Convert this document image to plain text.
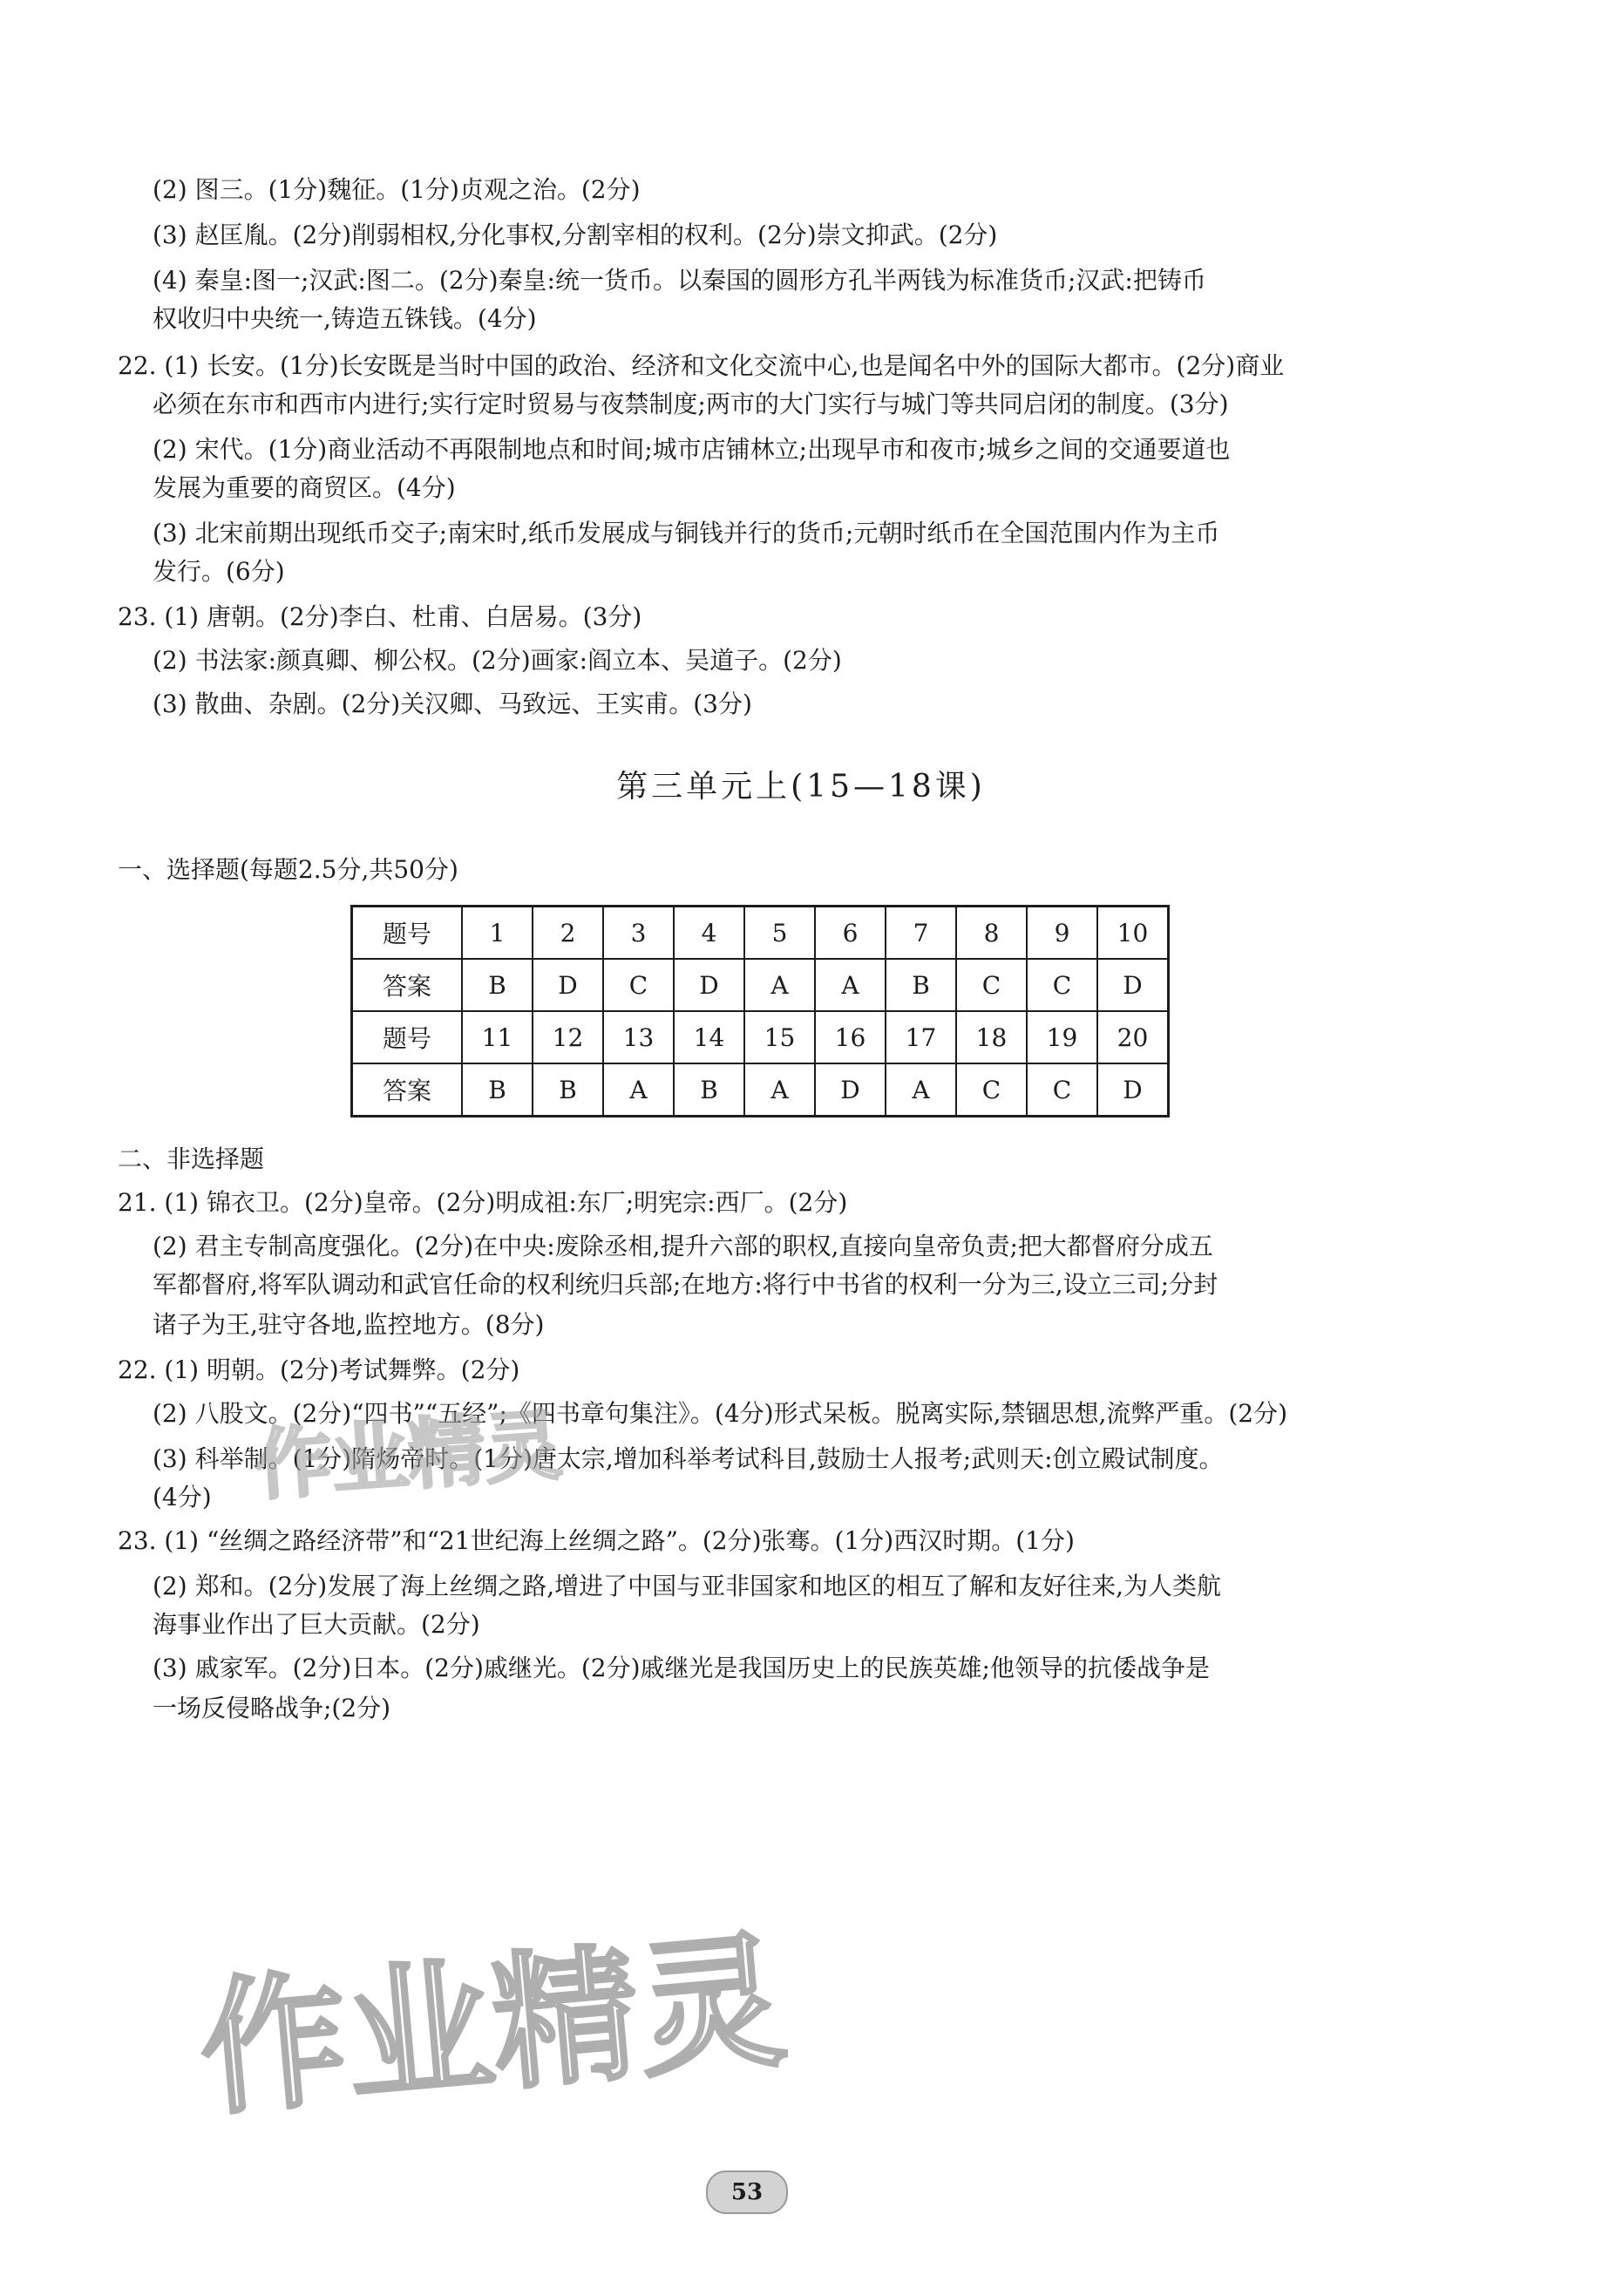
(2) 图三。(1分)魏征。(1分)贞观之治。(2分)
(3) 赵匡胤。(2分)削弱相权,分化事权,分割宰相的权利。(2分)崇文抑武。(2分)
(4) 秦皇:图一;汉武:图二。(2分)秦皇:统一货币。以秦国的圆形方孔半两钱为标准货币;汉武:把铸币
权收归中央统一,铸造五铢钱。(4分)
22. (1) 长安。(1分)长安既是当时中国的政治、经济和文化交流中心,也是闻名中外的国际大都市。(2分)商业
必须在东市和西市内进行;实行定时贸易与夜禁制度;两市的大门实行与城门等共同启闭的制度。(3分)
(2) 宋代。(1分)商业活动不再限制地点和时间;城市店铺林立;出现早市和夜市;城乡之间的交通要道也
发展为重要的商贸区。(4分)
(3) 北宋前期出现纸币交子;南宋时,纸币发展成与铜钱并行的货币;元朝时纸币在全国范围内作为主币
发行。(6分)
23. (1) 唐朝。(2分)李白、杜甫、白居易。(3分)
(2) 书法家:颜真卿、柳公权。(2分)画家:阎立本、吴道子。(2分)
(3) 散曲、杂剧。(2分)关汉卿、马致远、王实甫。(3分)
第三单元上(15—18课)
一、选择题(每题2.5分,共50分)
题号	1	2	3	4	5	6	7	8	9	10
答案	B	D	C	D	A	A	B	C	C	D
题号	11	12	13	14	15	16	17	18	19	20
答案	B	B	A	B	A	D	A	C	C	D
二、非选择题
21. (1) 锦衣卫。(2分)皇帝。(2分)明成祖:东厂;明宪宗:西厂。(2分)
(2) 君主专制高度强化。(2分)在中央:废除丞相,提升六部的职权,直接向皇帝负责;把大都督府分成五
军都督府,将军队调动和武官任命的权利统归兵部;在地方:将行中书省的权利一分为三,设立三司;分封
诸子为王,驻守各地,监控地方。(8分)
22. (1) 明朝。(2分)考试舞弊。(2分)
(2) 八股文。(2分)“四书”“五经”;《四书章句集注》。(4分)形式呆板。脱离实际,禁锢思想,流弊严重。(2分)
(3) 科举制。(1分)隋炀帝时。(1分)唐太宗,增加科举考试科目,鼓励士人报考;武则天:创立殿试制度。
(4分)
23. (1) “丝绸之路经济带”和“21世纪海上丝绸之路”。(2分)张骞。(1分)西汉时期。(1分)
(2) 郑和。(2分)发展了海上丝绸之路,增进了中国与亚非国家和地区的相互了解和友好往来,为人类航
海事业作出了巨大贡献。(2分)
(3) 戚家军。(2分)日本。(2分)戚继光。(2分)戚继光是我国历史上的民族英雄;他领导的抗倭战争是
一场反侵略战争;(2分)
作业精灵
作业精灵
53
